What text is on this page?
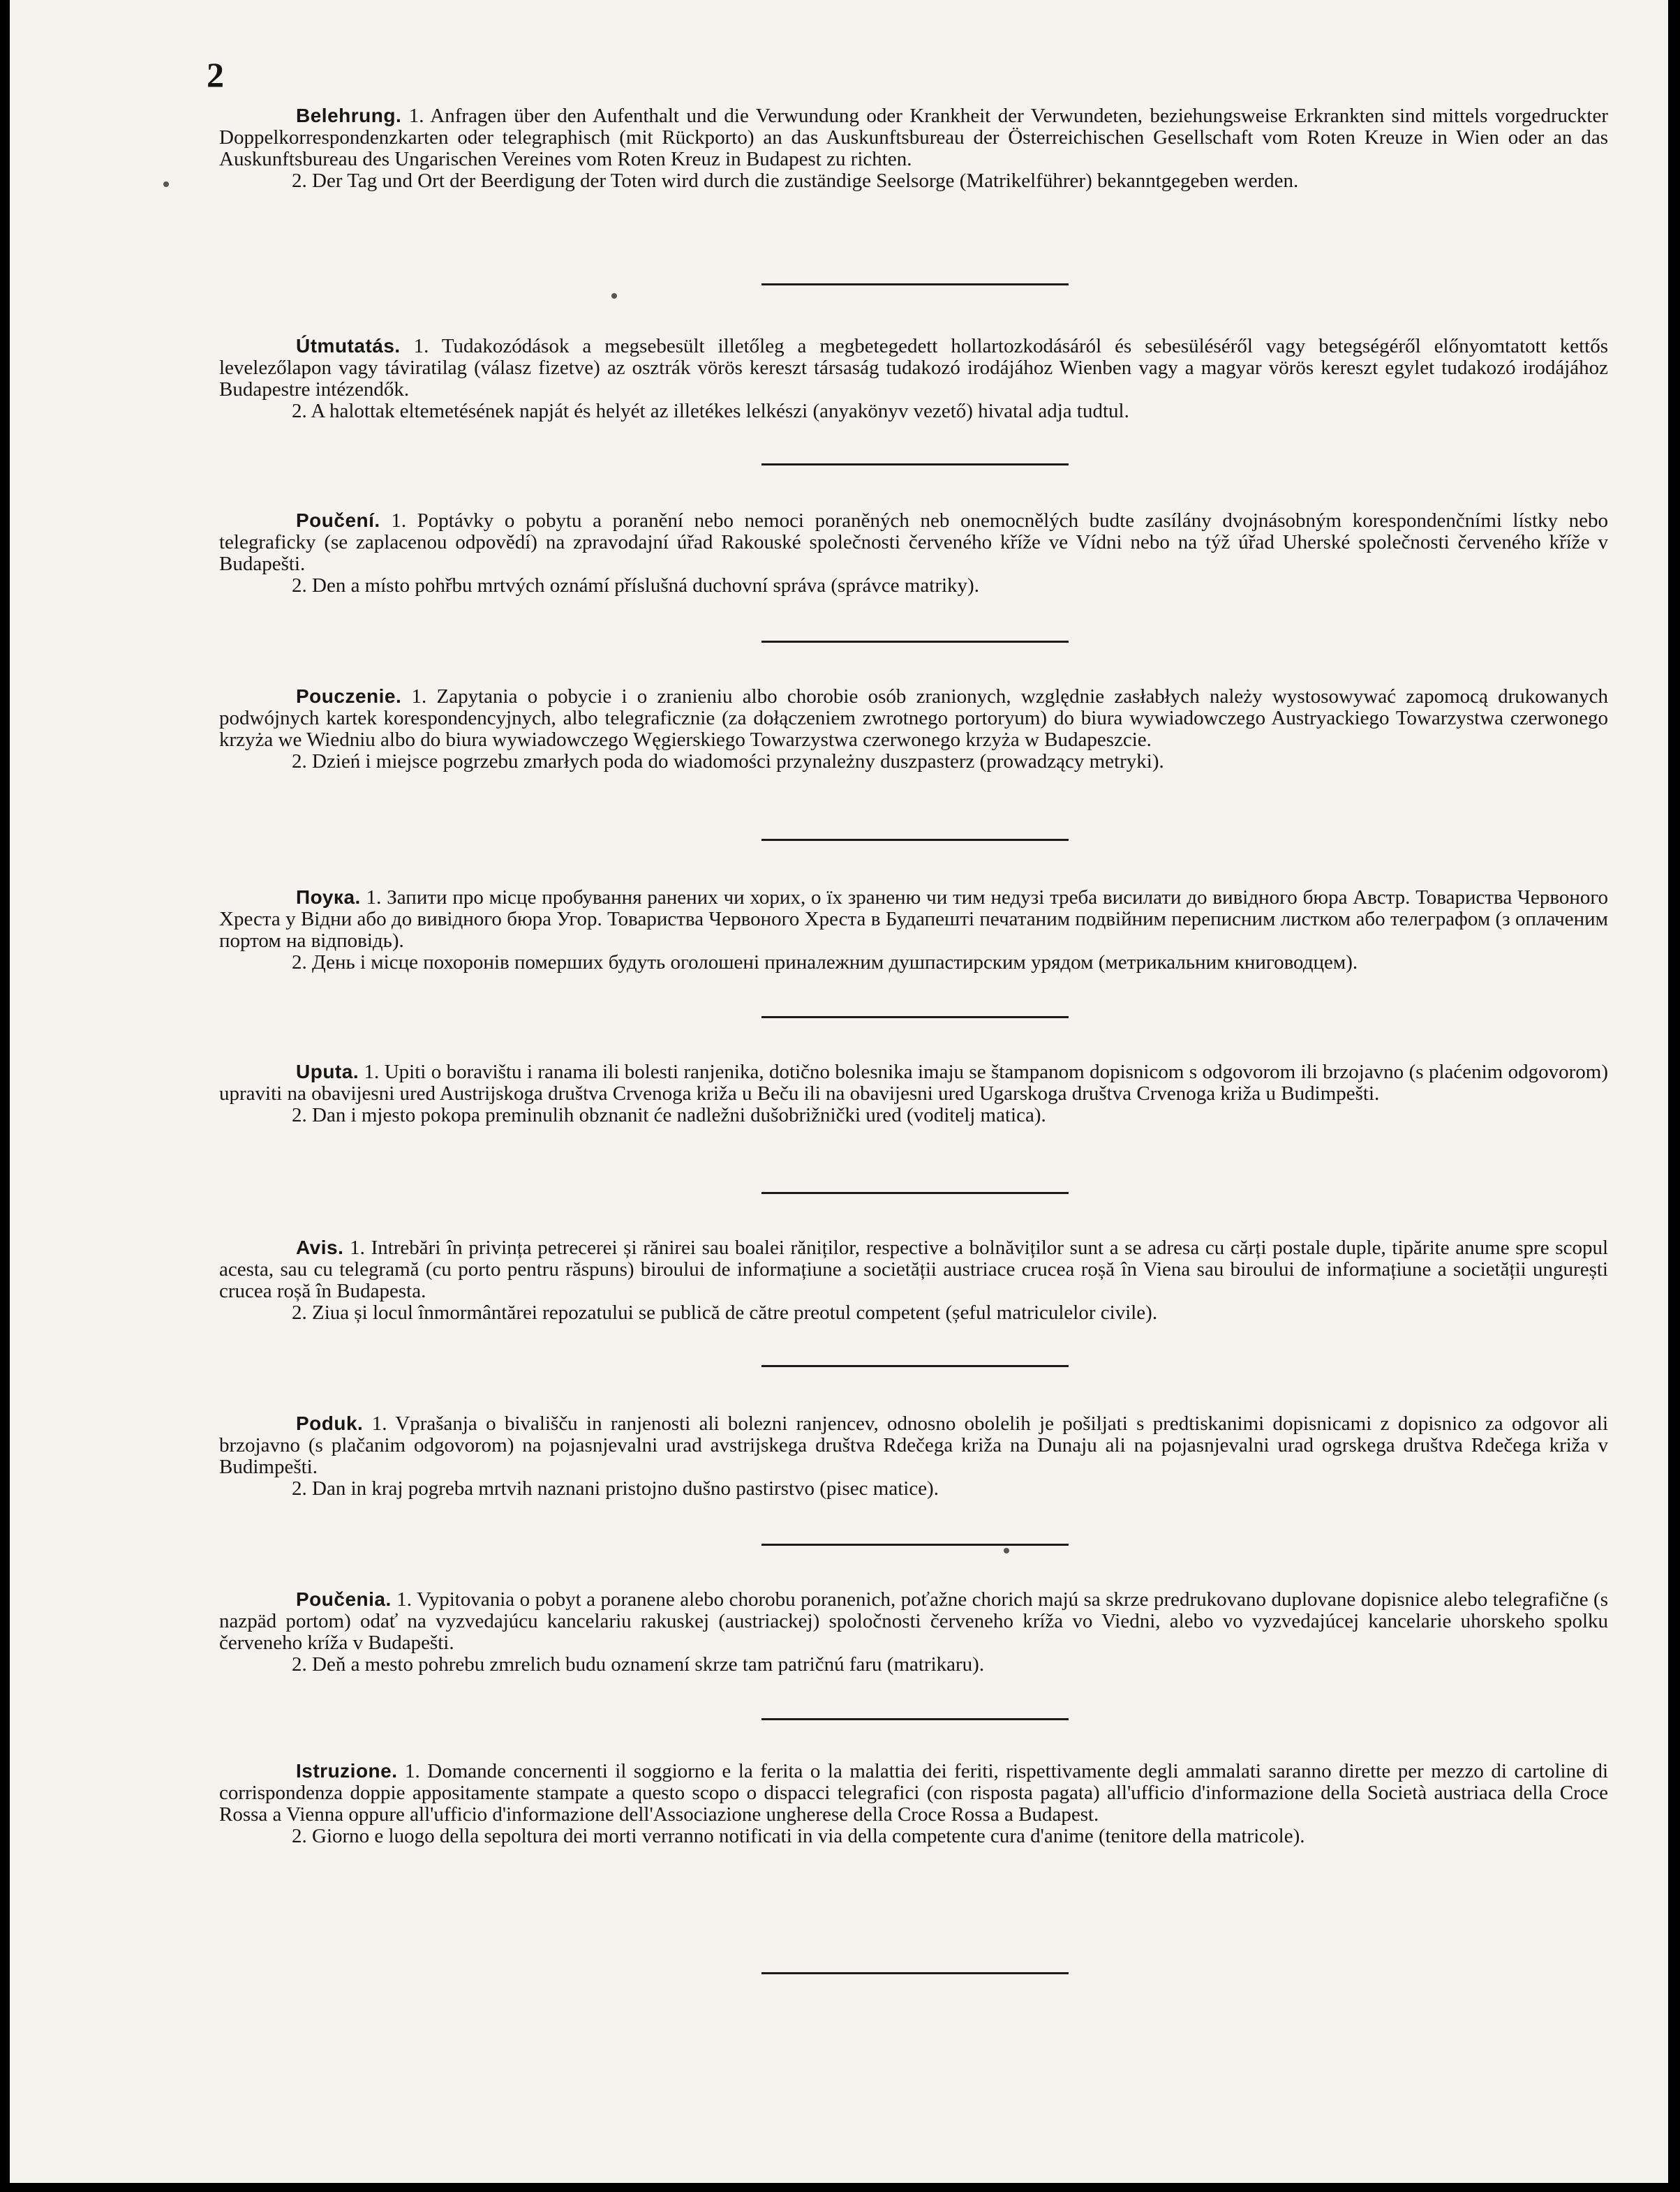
2

Belehrung. 1. Anfragen über den Aufenthalt und die Verwundung oder Krankheit der Verwundeten, beziehungsweise Erkrankten sind mittels vorgedruckter Doppelkorrespondenzkarten oder telegraphisch (mit Rückporto) an das Auskunftsbureau der Österreichischen Gesellschaft vom Roten Kreuze in Wien oder an das Auskunftsbureau des Ungarischen Vereines vom Roten Kreuz in Budapest zu richten.

2. Der Tag und Ort der Beerdigung der Toten wird durch die zuständige Seelsorge (Matrikelführer) bekanntgegeben werden.

Útmutatás. 1. Tudakozódások a megsebesült illetőleg a megbetegedett hollartozkodásáról és sebesüléséről vagy betegségéről előnyomtatott kettős levelezőlapon vagy táviratilag (válasz fizetve) az osztrák vörös kereszt társaság tudakozó irodájához Wienben vagy a magyar vörös kereszt egylet tudakozó irodájához Budapestre intézendők.

2. A halottak eltemetésének napját és helyét az illetékes lelkészi (anyakönyv vezető) hivatal adja tudtul.

Poučení. 1. Poptávky o pobytu a poranění nebo nemoci poraněných neb onemocnělých budte zasílány dvojnásobným korespondenčními lístky nebo telegraficky (se zaplacenou odpovědí) na zpravodajní úřad Rakouské společnosti červeného kříže ve Vídni nebo na týž úřad Uherské společnosti červeného kříže v Budapešti.

2. Den a místo pohřbu mrtvých oznámí příslušná duchovní správa (správce matriky).

Pouczenie. 1. Zapytania o pobycie i o zranieniu albo chorobie osób zranionych, względnie zasłabłych należy wystosowywać zapomocą drukowanych podwójnych kartek korespondencyjnych, albo telegraficznie (za dołączeniem zwrotnego portoryum) do biura wywiadowczego Austryackiego Towarzystwa czerwonego krzyża we Wiedniu albo do biura wywiadowczego Węgierskiego Towarzystwa czerwonego krzyża w Budapeszcie.

2. Dzień i miejsce pogrzebu zmarłych poda do wiadomości przynależny duszpasterz (prowadzący metryki).

Поука. 1. Запити про місце пробування ранених чи хорих, о їх зраненю чи тим недузі треба висилати до вивідного бюра Австр. Товариства Червоного Хреста у Відни або до вивідного бюра Угор. Товариства Червоного Хреста в Будапешті печатаним подвійним переписним листком або телеграфом (з оплаченим портом на відповідь).

2. День і місце похоронів померших будуть оголошені приналежним душпастирским урядом (метрикальним книговодцем).

Uputa. 1. Upiti o boravištu i ranama ili bolesti ranjenika, dotično bolesnika imaju se štampanom dopisnicom s odgovorom ili brzojavno (s plaćenim odgovorom) upraviti na obavijesni ured Austrijskoga društva Crvenoga križa u Beču ili na obavijesni ured Ugarskoga društva Crvenoga križa u Budimpešti.

2. Dan i mjesto pokopa preminulih obznanit će nadležni dušobrižnički ured (voditelj matica).

Avis. 1. Intrebări în privința petrecerei și rănirei sau boalei răniților, respective a bolnăviților sunt a se adresa cu cărți postale duple, tipărite anume spre scopul acesta, sau cu telegramă (cu porto pentru răspuns) biroului de informațiune a societății austriace crucea roșă în Viena sau biroului de informațiune a societății ungurești crucea roșă în Budapesta.

2. Ziua și locul înmormântărei repozatului se publică de către preotul competent (șeful matriculelor civile).

Poduk. 1. Vprašanja o bivališču in ranjenosti ali bolezni ranjencev, odnosno obolelih je pošiljati s predtiskanimi dopisnicami z dopisnico za odgovor ali brzojavno (s plačanim odgovorom) na pojasnjevalni urad avstrijskega društva Rdečega križa na Dunaju ali na pojasnjevalni urad ogrskega društva Rdečega križa v Budimpešti.

2. Dan in kraj pogreba mrtvih naznani pristojno dušno pastirstvo (pisec matice).

Poučenia. 1. Vypitovania o pobyt a poranene alebo chorobu poranenich, poťažne chorich majú sa skrze predrukovano duplovane dopisnice alebo telegrafične (s nazpäd portom) odať na vyzvedajúcu kancelariu rakuskej (austriackej) spoločnosti červeneho kríža vo Viedni, alebo vo vyzvedajúcej kancelarie uhorskeho spolku červeneho kríža v Budapešti.

2. Deň a mesto pohrebu zmrelich budu oznamení skrze tam patričnú faru (matrikaru).

Istruzione. 1. Domande concernenti il soggiorno e la ferita o la malattia dei feriti, rispettivamente degli ammalati saranno dirette per mezzo di cartoline di corrispondenza doppie appositamente stampate a questo scopo o dispacci telegrafici (con risposta pagata) all'ufficio d'informazione della Società austriaca della Croce Rossa a Vienna oppure all'ufficio d'informazione dell'Associazione ungherese della Croce Rossa a Budapest.

2. Giorno e luogo della sepoltura dei morti verranno notificati in via della competente cura d'anime (tenitore della matricole).
